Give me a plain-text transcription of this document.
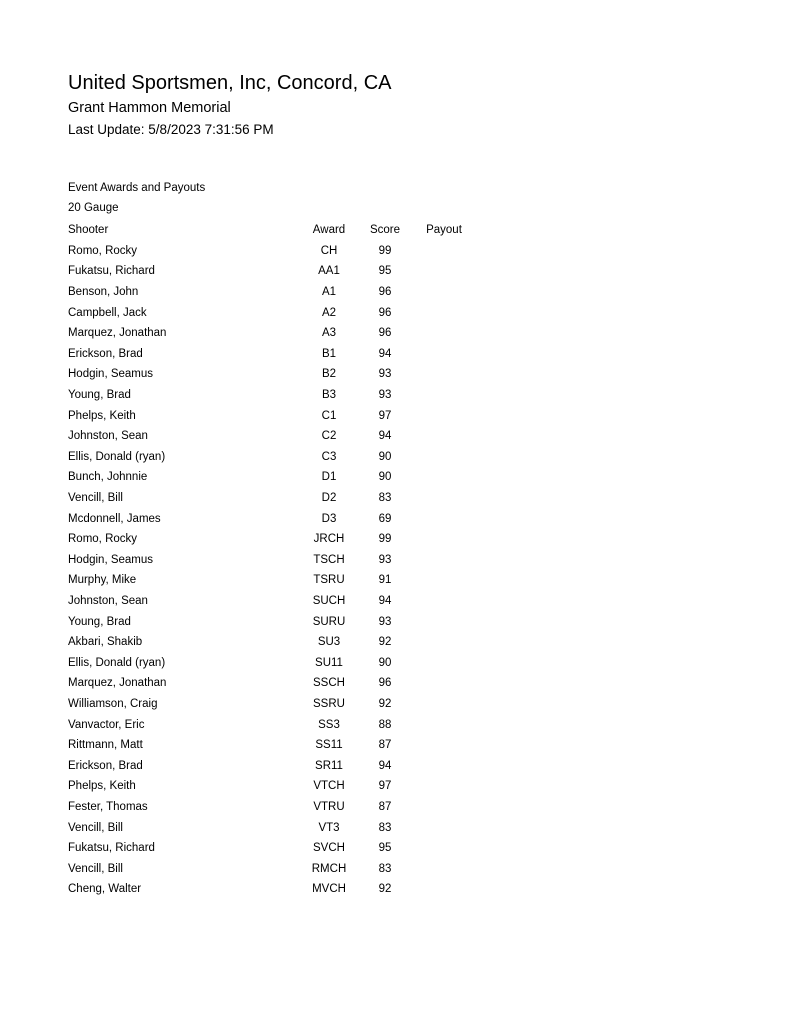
United Sportsmen, Inc, Concord, CA
Grant Hammon Memorial
Last Update: 5/8/2023 7:31:56 PM
Event Awards and Payouts
20 Gauge
Shooter	Award	Score	Payout
Romo, Rocky	CH	99	
Fukatsu, Richard	AA1	95	
Benson, John	A1	96	
Campbell, Jack	A2	96	
Marquez, Jonathan	A3	96	
Erickson, Brad	B1	94	
Hodgin, Seamus	B2	93	
Young, Brad	B3	93	
Phelps, Keith	C1	97	
Johnston, Sean	C2	94	
Ellis, Donald (ryan)	C3	90	
Bunch, Johnnie	D1	90	
Vencill, Bill	D2	83	
Mcdonnell, James	D3	69	
Romo, Rocky	JRCH	99	
Hodgin, Seamus	TSCH	93	
Murphy, Mike	TSRU	91	
Johnston, Sean	SUCH	94	
Young, Brad	SURU	93	
Akbari, Shakib	SU3	92	
Ellis, Donald (ryan)	SU11	90	
Marquez, Jonathan	SSCH	96	
Williamson, Craig	SSRU	92	
Vanvactor, Eric	SS3	88	
Rittmann, Matt	SS11	87	
Erickson, Brad	SR11	94	
Phelps, Keith	VTCH	97	
Fester, Thomas	VTRU	87	
Vencill, Bill	VT3	83	
Fukatsu, Richard	SVCH	95	
Vencill, Bill	RMCH	83	
Cheng, Walter	MVCH	92	
